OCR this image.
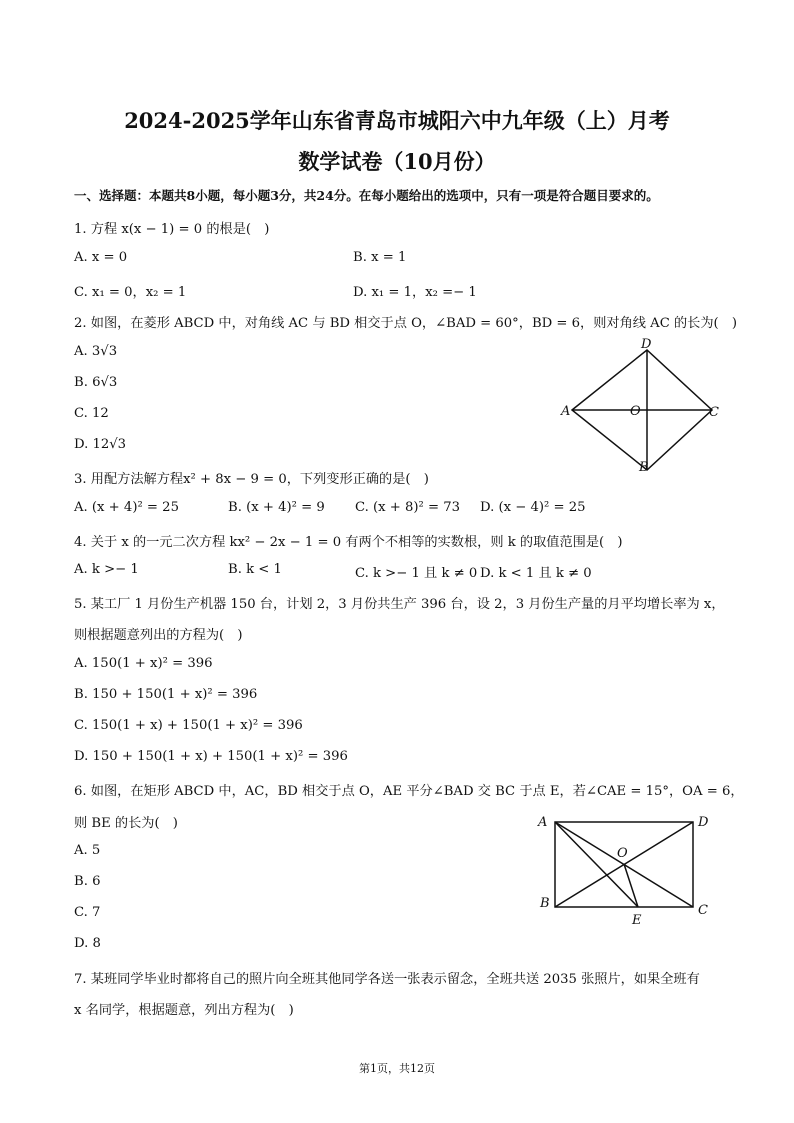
2024-2025学年山东省青岛市城阳六中九年级（上）月考
数学试卷（10月份）
一、选择题：本题共8小题，每小题3分，共24分。在每小题给出的选项中，只有一项是符合题目要求的。
1. 方程 x(x − 1) = 0 的根是(　)
A. x = 0	B. x = 1
C. x₁ = 0，x₂ = 1	D. x₁ = 1，x₂ =− 1
2. 如图，在菱形 ABCD 中，对角线 AC 与 BD 相交于点 O，∠BAD = 60°，BD = 6，则对角线 AC 的长为(　)
A. 3√3
B. 6√3
C. 12
D. 12√3
D
A	O	C
B
3. 用配方法解方程x² + 8x − 9 = 0，下列变形正确的是(　)
A. (x + 4)² = 25	B. (x + 4)² = 9 C. (x + 8)² = 73 D. (x − 4)² = 25
4. 关于 x 的一元二次方程 kx² − 2x − 1 = 0 有两个不相等的实数根，则 k 的取值范围是(　)
A. k >− 1	B. k < 1	C. k >− 1 且 k ≠ 0 D. k < 1 且 k ≠ 0
5. 某工厂 1 月份生产机器 150 台，计划 2，3 月份共生产 396 台，设 2，3 月份生产量的月平均增长率为 x，
则根据题意列出的方程为(　)
A. 150(1 + x)² = 396
B. 150 + 150(1 + x)² = 396
C. 150(1 + x) + 150(1 + x)² = 396
D. 150 + 150(1 + x) + 150(1 + x)² = 396
6. 如图，在矩形 ABCD 中，AC，BD 相交于点 O，AE 平分∠BAD 交 BC 于点 E，若∠CAE = 15°，OA = 6，
则 BE 的长为(　)
A. 5
B. 6
C. 7
D. 8
A	D
O
B	C
E
7. 某班同学毕业时都将自己的照片向全班其他同学各送一张表示留念，全班共送 2035 张照片，如果全班有
x 名同学，根据题意，列出方程为(　)
第1页，共12页
